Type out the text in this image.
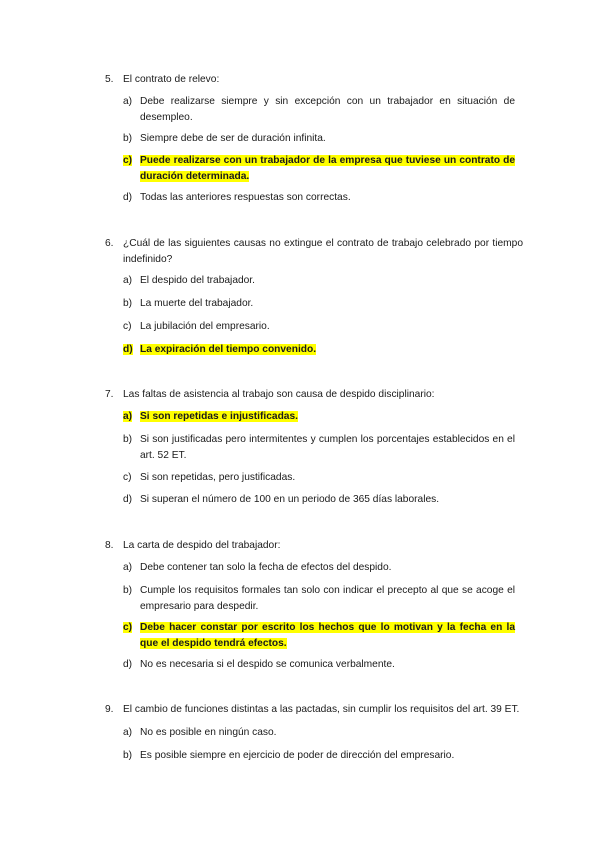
5. El contrato de relevo:
a) Debe realizarse siempre y sin excepción con un trabajador en situación de desempleo.
b) Siempre debe de ser de duración infinita.
c) Puede realizarse con un trabajador de la empresa que tuviese un contrato de duración determinada.
d) Todas las anteriores respuestas son correctas.
6. ¿Cuál de las siguientes causas no extingue el contrato de trabajo celebrado por tiempo indefinido?
a) El despido del trabajador.
b) La muerte del trabajador.
c) La jubilación del empresario.
d) La expiración del tiempo convenido.
7. Las faltas de asistencia al trabajo son causa de despido disciplinario:
a) Si son repetidas e injustificadas.
b) Si son justificadas pero intermitentes y cumplen los porcentajes establecidos en el art. 52 ET.
c) Si son repetidas, pero justificadas.
d) Si superan el número de 100 en un periodo de 365 días laborales.
8. La carta de despido del trabajador:
a) Debe contener tan solo la fecha de efectos del despido.
b) Cumple los requisitos formales tan solo con indicar el precepto al que se acoge el empresario para despedir.
c) Debe hacer constar por escrito los hechos que lo motivan y la fecha en la que el despido tendrá efectos.
d) No es necesaria si el despido se comunica verbalmente.
9. El cambio de funciones distintas a las pactadas, sin cumplir los requisitos del art. 39 ET.
a) No es posible en ningún caso.
b) Es posible siempre en ejercicio de poder de dirección del empresario.
